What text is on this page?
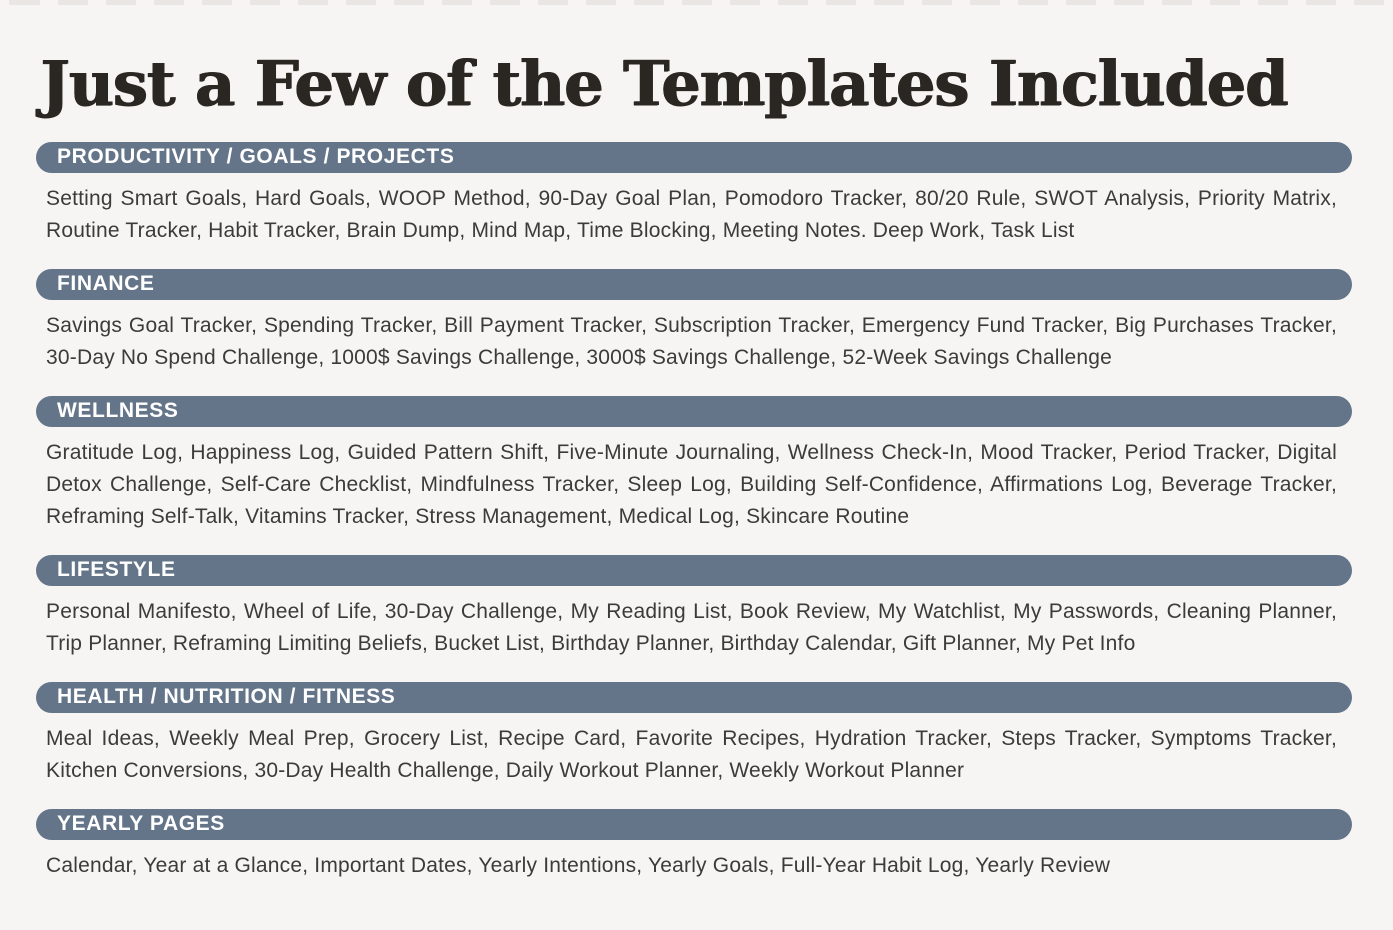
Just a Few of the Templates Included
PRODUCTIVITY / GOALS / PROJECTS

Setting Smart Goals, Hard Goals, WOOP Method, 90-Day Goal Plan, Pomodoro Tracker, 80/20 Rule, SWOT Analysis, Priority Matrix, Routine Tracker, Habit Tracker, Brain Dump, Mind Map, Time Blocking, Meeting Notes. Deep Work, Task List

FINANCE

Savings Goal Tracker, Spending Tracker, Bill Payment Tracker, Subscription Tracker, Emergency Fund Tracker, Big Purchases Tracker, 30-Day No Spend Challenge, 1000$ Savings Challenge, 3000$ Savings Challenge, 52-Week Savings Challenge

WELLNESS

Gratitude Log, Happiness Log, Guided Pattern Shift, Five-Minute Journaling, Wellness Check-In, Mood Tracker, Period Tracker, Digital Detox Challenge, Self-Care Checklist, Mindfulness Tracker, Sleep Log, Building Self-Confidence, Affirmations Log, Beverage Tracker, Reframing Self-Talk, Vitamins Tracker, Stress Management, Medical Log, Skincare Routine

LIFESTYLE

Personal Manifesto, Wheel of Life, 30-Day Challenge, My Reading List, Book Review, My Watchlist, My Passwords, Cleaning Planner, Trip Planner, Reframing Limiting Beliefs, Bucket List, Birthday Planner, Birthday Calendar, Gift Planner, My Pet Info

HEALTH / NUTRITION / FITNESS

Meal Ideas, Weekly Meal Prep, Grocery List, Recipe Card, Favorite Recipes, Hydration Tracker, Steps Tracker, Symptoms Tracker, Kitchen Conversions, 30-Day Health Challenge, Daily Workout Planner, Weekly Workout Planner

YEARLY PAGES

Calendar, Year at a Glance, Important Dates, Yearly Intentions, Yearly Goals, Full-Year Habit Log, Yearly Review
